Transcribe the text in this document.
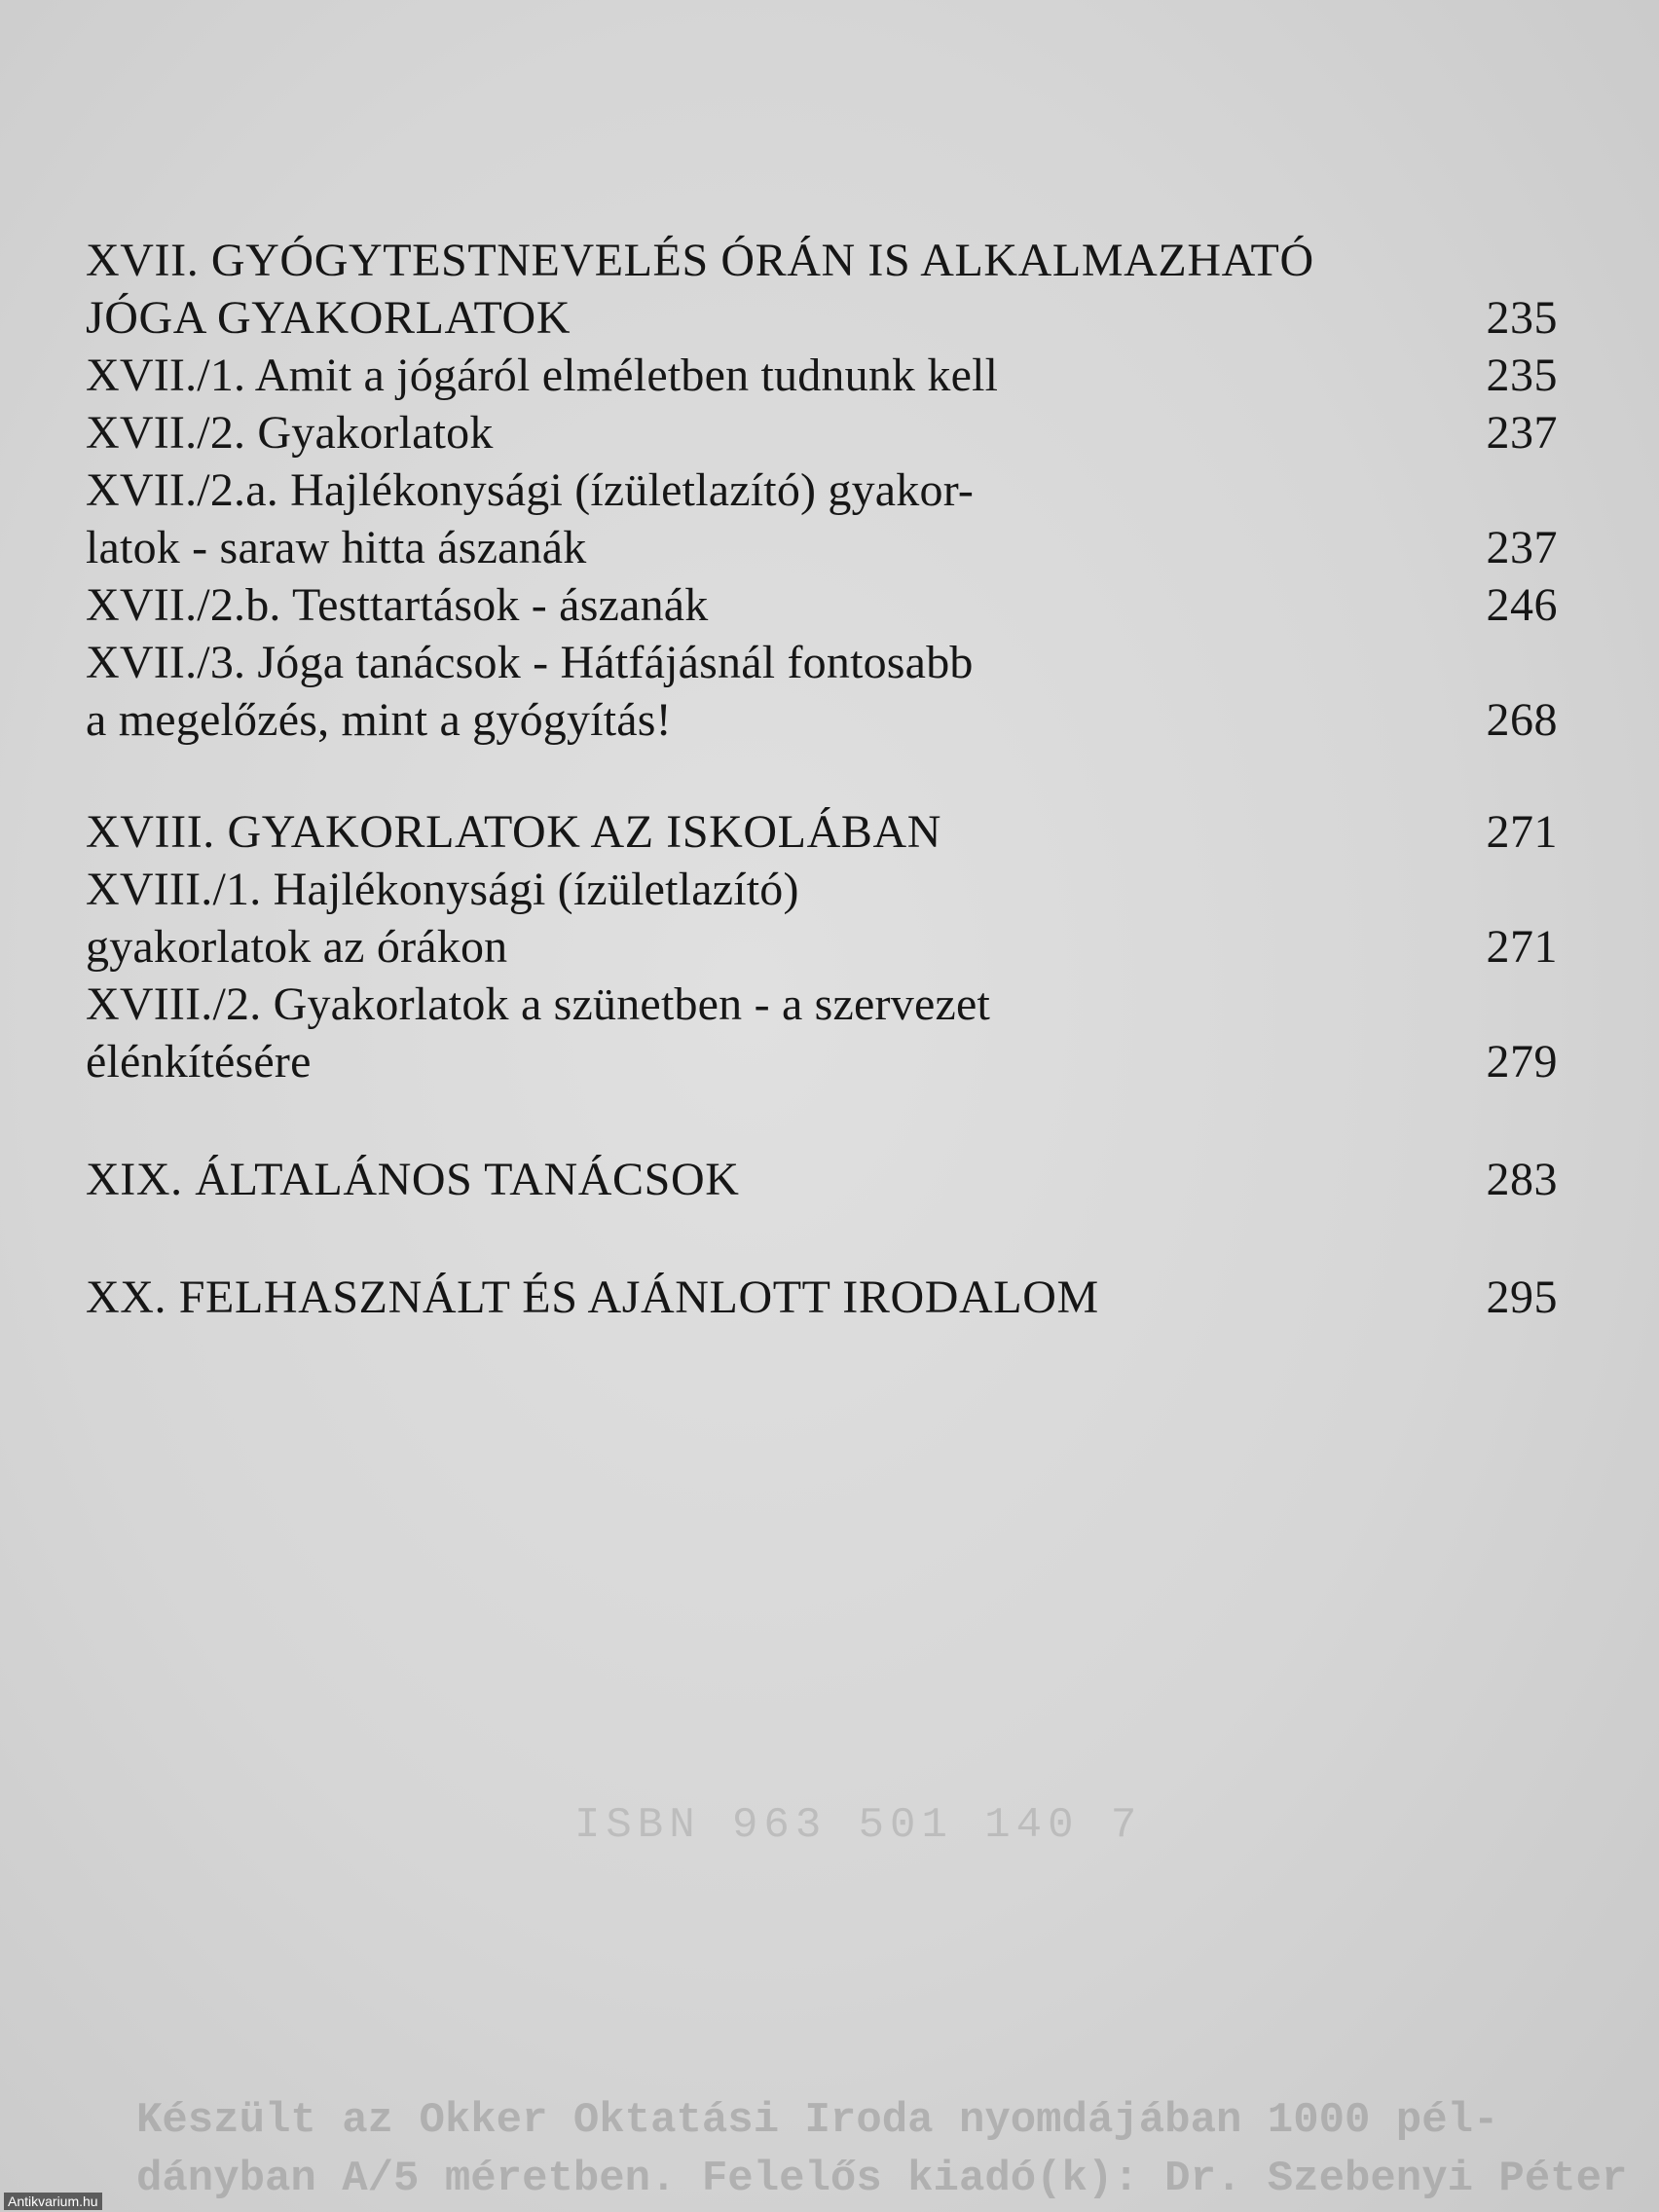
XVII. GYÓGYTESTNEVELÉS ÓRÁN IS ALKALMAZHATÓ
JÓGA GYAKORLATOK	235
XVII./1. Amit a jógáról elméletben tudnunk kell	235
XVII./2. Gyakorlatok	237
XVII./2.a. Hajlékonysági (ízületlazító) gyakor-
latok - saraw hitta ászanák	237
XVII./2.b. Testtartások - ászanák	246
XVII./3. Jóga tanácsok - Hátfájásnál fontosabb
a megelőzés, mint a gyógyítás!	268
XVIII. GYAKORLATOK AZ ISKOLÁBAN	271
XVIII./1. Hajlékonysági (ízületlazító)
gyakorlatok az órákon	271
XVIII./2. Gyakorlatok a szünetben - a szervezet
élénkítésére	279
XIX. ÁLTALÁNOS TANÁCSOK	283
XX. FELHASZNÁLT ÉS AJÁNLOTT IRODALOM	295
ISBN 963 501 140 7
Készült az Okker Oktatási Iroda nyomdájában 1000 pél-
dányban A/5 méretben. Felelős kiadó(k): Dr. Szebenyi Péter
Antikvarium.hu
